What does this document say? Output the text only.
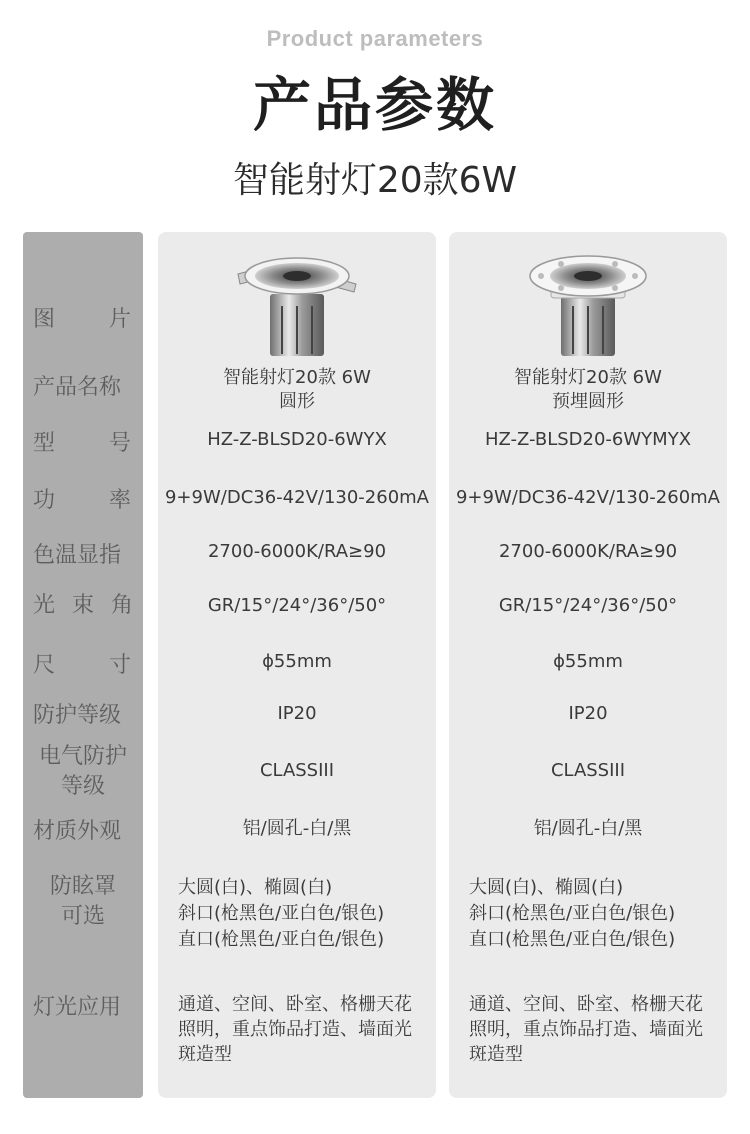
Product parameters
产品参数
智能射灯20款6W
图 片
产品名称
型 号
功 率
色温显指
光 束 角
尺 寸
防护等级
电气防护
等级
材质外观
防眩罩
可选
灯光应用
智能射灯20款 6W
圆形
HZ-Z-BLSD20-6WYX
9+9W/DC36-42V/130-260mA
2700-6000K/RA≥90
GR/15°/24°/36°/50°
ϕ55mm
IP20
CLASSIII
铝/圆孔-白/黑
大圆(白)、椭圆(白)
斜口(枪黑色/亚白色/银色)
直口(枪黑色/亚白色/银色)
通道、空间、卧室、格栅天花照明，重点饰品打造、墙面光斑造型
智能射灯20款 6W
预埋圆形
HZ-Z-BLSD20-6WYMYX
9+9W/DC36-42V/130-260mA
2700-6000K/RA≥90
GR/15°/24°/36°/50°
ϕ55mm
IP20
CLASSIII
铝/圆孔-白/黑
大圆(白)、椭圆(白)
斜口(枪黑色/亚白色/银色)
直口(枪黑色/亚白色/银色)
通道、空间、卧室、格栅天花照明，重点饰品打造、墙面光斑造型
